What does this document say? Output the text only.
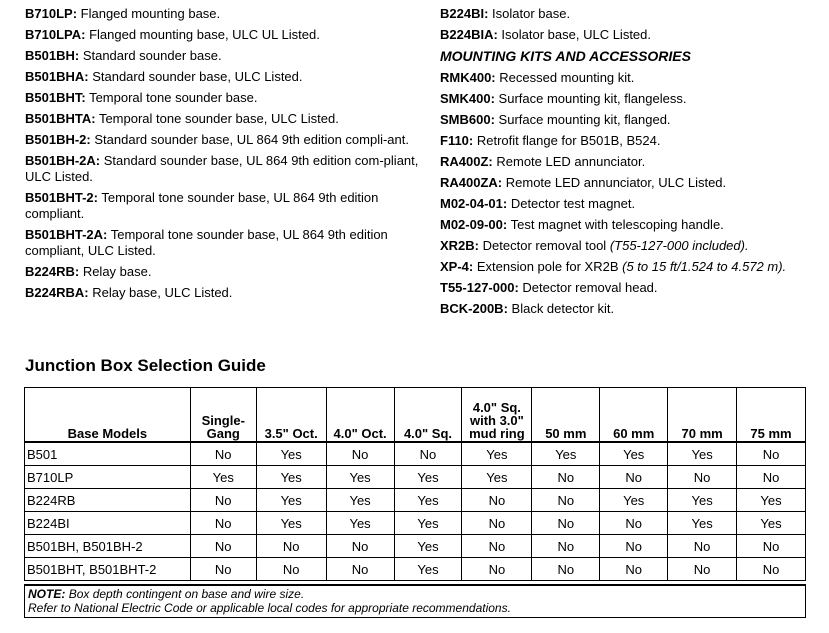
B710LP: Flanged mounting base.
B710LPA: Flanged mounting base, ULC UL Listed.
B501BH: Standard sounder base.
B501BHA: Standard sounder base, ULC Listed.
B501BHT: Temporal tone sounder base.
B501BHTA: Temporal tone sounder base, ULC Listed.
B501BH-2: Standard sounder base, UL 864 9th edition compli-ant.
B501BH-2A: Standard sounder base, UL 864 9th edition com-pliant, ULC Listed.
B501BHT-2: Temporal tone sounder base, UL 864 9th edition compliant.
B501BHT-2A: Temporal tone sounder base, UL 864 9th edition compliant, ULC Listed.
B224RB: Relay base.
B224RBA: Relay base, ULC Listed.
B224BI: Isolator base.
B224BIA: Isolator base, ULC Listed.
MOUNTING KITS AND ACCESSORIES
RMK400: Recessed mounting kit.
SMK400: Surface mounting kit, flangeless.
SMB600: Surface mounting kit, flanged.
F110: Retrofit flange for B501B, B524.
RA400Z: Remote LED annunciator.
RA400ZA: Remote LED annunciator, ULC Listed.
M02-04-01: Detector test magnet.
M02-09-00: Test magnet with telescoping handle.
XR2B: Detector removal tool (T55-127-000 included).
XP-4: Extension pole for XR2B (5 to 15 ft/1.524 to 4.572 m).
T55-127-000: Detector removal head.
BCK-200B: Black detector kit.
Junction Box Selection Guide
Base Models	Single-Gang	3.5" Oct.	4.0" Oct.	4.0" Sq.	4.0" Sq. with 3.0" mud ring	50 mm	60 mm	70 mm	75 mm
B501	No	Yes	No	No	Yes	Yes	Yes	Yes	No
B710LP	Yes	Yes	Yes	Yes	Yes	No	No	No	No
B224RB	No	Yes	Yes	Yes	No	No	Yes	Yes	Yes
B224BI	No	Yes	Yes	Yes	No	No	No	Yes	Yes
B501BH, B501BH-2	No	No	No	Yes	No	No	No	No	No
B501BHT, B501BHT-2	No	No	No	Yes	No	No	No	No	No
NOTE: Box depth contingent on base and wire size.
Refer to National Electric Code or applicable local codes for appropriate recommendations.
